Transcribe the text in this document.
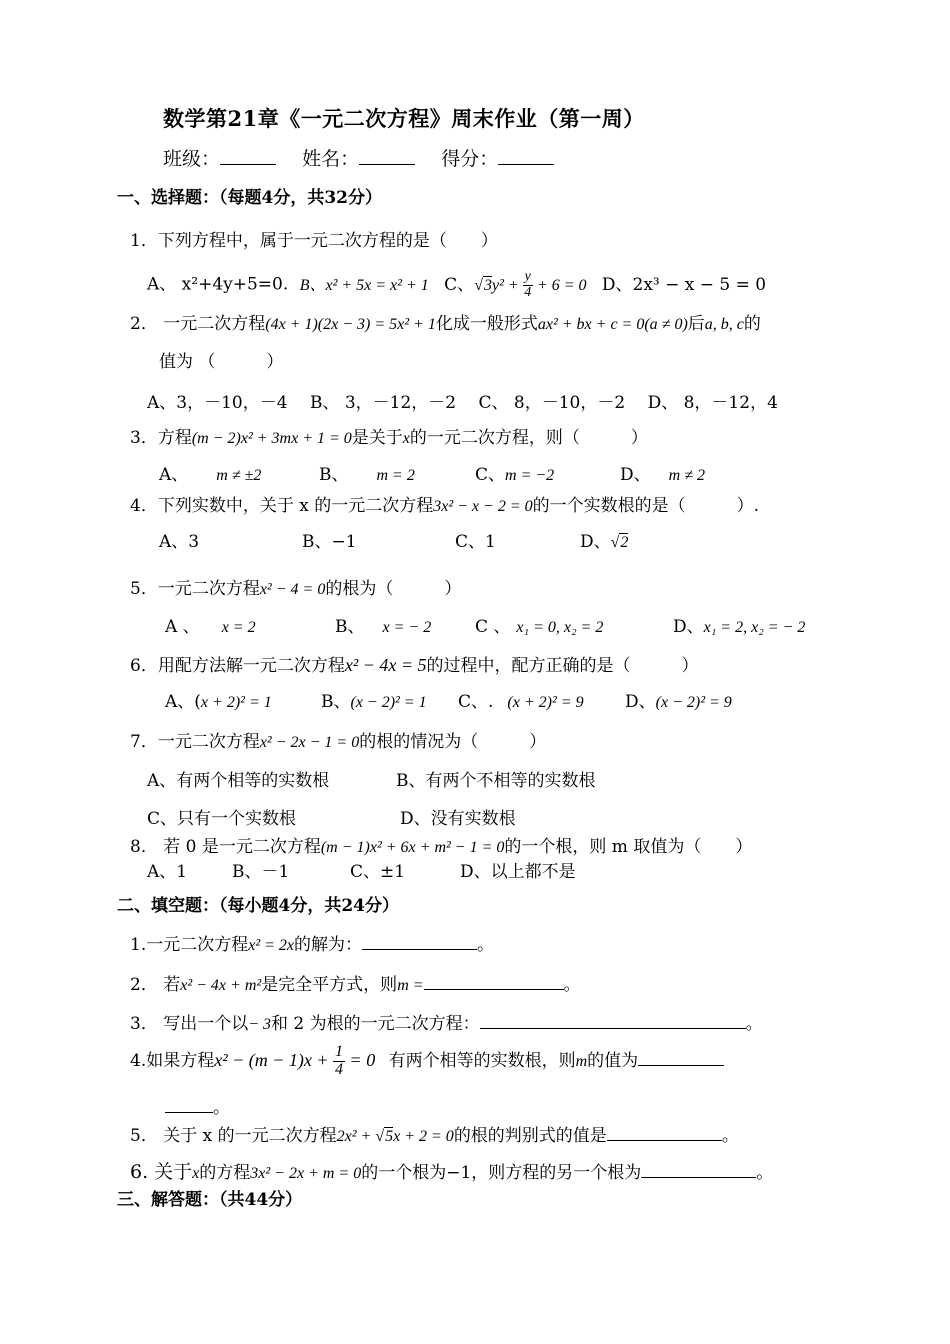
数学第21章《一元二次方程》周末作业（第一周）
班级：	姓名：	得分：
一、选择题：（每题4分，共32分）
1．下列方程中，属于一元二次方程的是（　　）
A、 x²+4y+5=0. B、x² + 5x = x² + 1 C、$√3y^2 + \frac{y}{4} + 6 = 0$ D、2x³ − x − 5 = 0
2． 一元二次方程(4x + 1)(2x − 3) = 5x² + 1化成一般形式ax² + bx + c = 0(a ≠ 0)后a, b, c的
值为 （　　　）
A、3，－10，－4　 B、 3，－12，－2　 C、 8，－10，－2　 D、 8，－12，4
3．方程(m − 2)x² + 3mx + 1 = 0是关于x的一元二次方程，则（　　　）
A、 m ≠ ±2	B、 m = 2	C、m = −2	D、 m ≠ 2
4．下列实数中，关于 x 的一元二次方程3x² − x − 2 = 0的一个实数根的是（　　　）.
A、3	B、−1	C、1	D、√2
5．一元二次方程x² − 4 = 0的根为（　　　）
A 、 x = 2	B、 x = − 2	C 、 x₁ = 0, x₂ = 2	D、x₁ = 2, x₂ = − 2
6．用配方法解一元二次方程x² − 4x = 5的过程中，配方正确的是（　　　）
A、(x + 2)² = 1	B、(x − 2)² = 1 C、. (x + 2)² = 9 D、(x − 2)² = 9
7．一元二次方程x² − 2x − 1 = 0的根的情况为（　　　）
A、有两个相等的实数根	B、有两个不相等的实数根
C、只有一个实数根	D、没有实数根
8． 若 0 是一元二次方程(m − 1)x² + 6x + m² − 1 = 0的一个根，则 m 取值为（　　）
A、1	B、－1	C、±1	D、以上都不是
二、填空题：（每小题4分，共24分）
1.一元二次方程x² = 2x的解为：	。
2． 若x² − 4x + m²是完全平方式，则m =	。
3． 写出一个以− 3和 2 为根的一元二次方程：	。
4.如果方程$x^2 - (m - 1)x + \frac{1}{4} = 0$ 有两个相等的实数根，则m的值为
。
5． 关于 x 的一元二次方程2x² + √5x + 2 = 0的根的判别式的值是	。
6. 关于x的方程3x² − 2x + m = 0的一个根为−1，则方程的另一个根为	。
三、解答题：（共44分）
